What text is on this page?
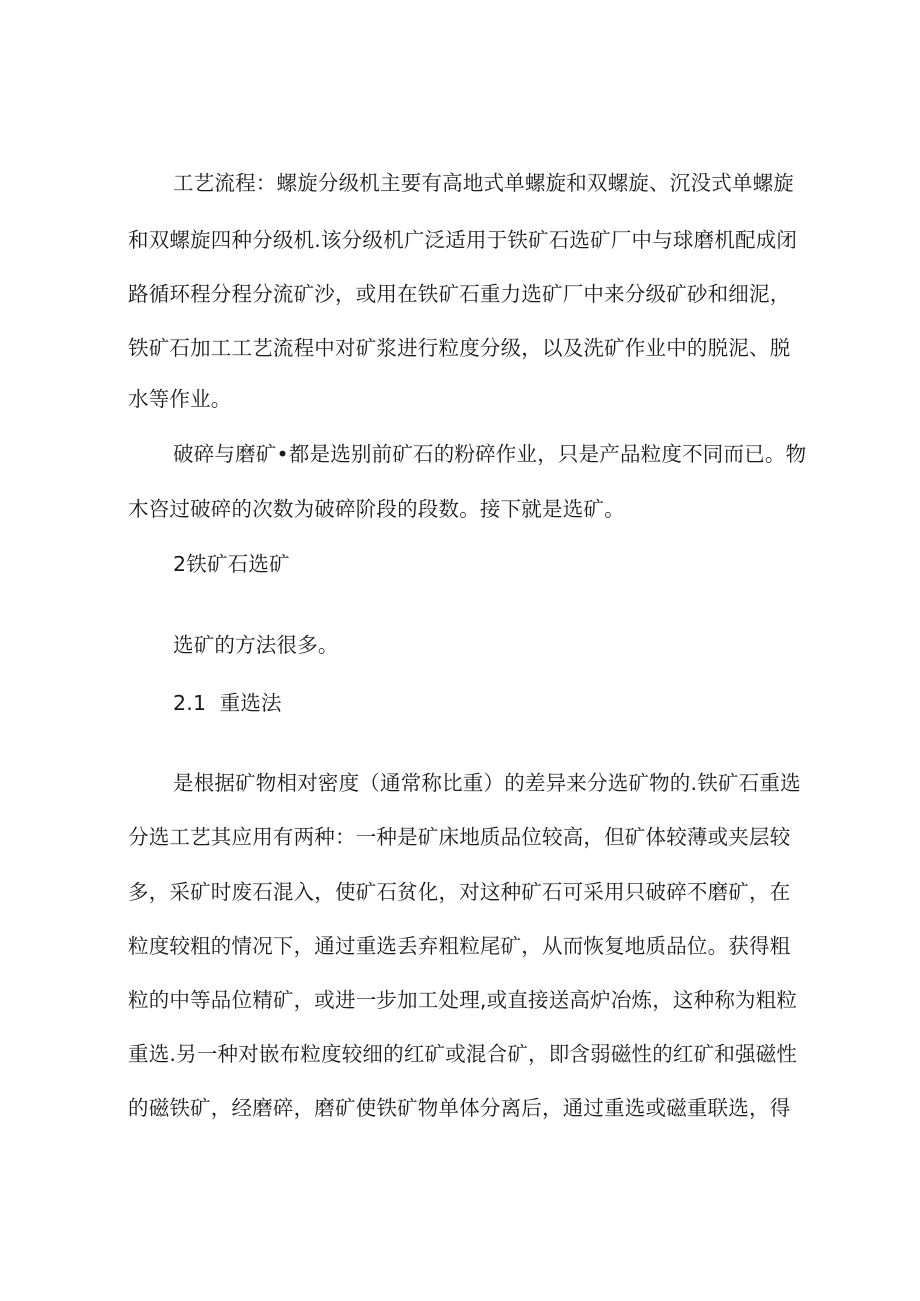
工艺流程：螺旋分级机主要有高地式单螺旋和双螺旋、沉没式单螺旋
和双螺旋四种分级机.该分级机广泛适用于铁矿石选矿厂中与球磨机配成闭
路循环程分程分流矿沙，或用在铁矿石重力选矿厂中来分级矿砂和细泥，
铁矿石加工工艺流程中对矿浆进行粒度分级，以及洗矿作业中的脱泥、脱
水等作业。
破碎与磨矿•都是选别前矿石的粉碎作业，只是产品粒度不同而已。物
木咨过破碎的次数为破碎阶段的段数。接下就是选矿。
2铁矿石选矿
选矿的方法很多。
2.1  重选法
是根据矿物相对密度（通常称比重）的差异来分选矿物的.铁矿石重选
分选工艺其应用有两种：一种是矿床地质品位较高，但矿体较薄或夹层较
多，采矿时废石混入，使矿石贫化，对这种矿石可采用只破碎不磨矿，在
粒度较粗的情况下，通过重选丢弃粗粒尾矿，从而恢复地质品位。获得粗
粒的中等品位精矿，或进一步加工处理,或直接送高炉冶炼，这种称为粗粒
重选.另一种对嵌布粒度较细的红矿或混合矿，即含弱磁性的红矿和强磁性
的磁铁矿，经磨碎，磨矿使铁矿物单体分离后，通过重选或磁重联选，得
